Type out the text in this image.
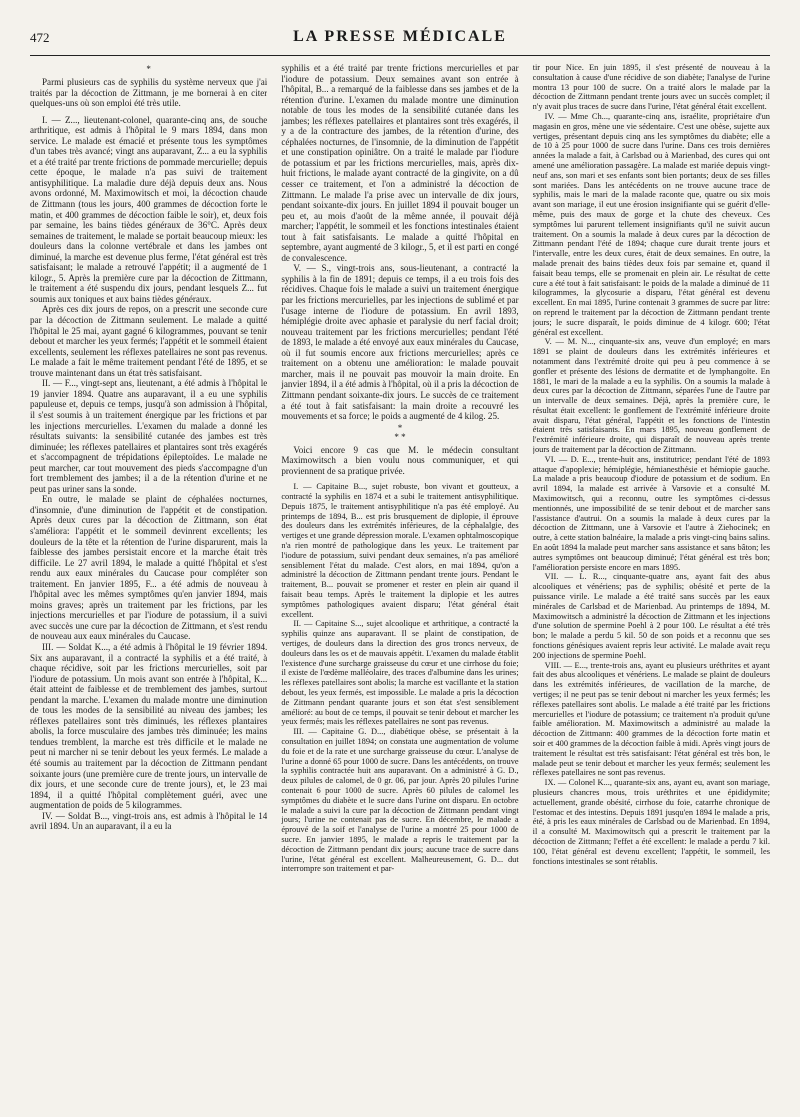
472	LA PRESSE MÉDICALE
*

Parmi plusieurs cas de syphilis du système nerveux que j'ai traités par la décoction de Zittmann, je me bornerai à en citer quelques-uns où son emploi été très utile.

I. — Z..., lieutenant-colonel, quarante-cinq ans, de souche arthritique, est admis à l'hôpital le 9 mars 1894, dans mon service. Le malade est émacié et présente tous les symptômes d'un tabes très avancé; vingt ans auparavant, Z... a eu la syphilis et a été traité par trente frictions de pommade mercurielle; depuis cette époque, le malade n'a pas suivi de traitement antisyphilitique. La maladie dure déjà depuis deux ans. Nous avons ordonné, M. Maximowitsch et moi, la décoction chaude de Zittmann (tous les jours, 400 grammes de décoction forte le matin, et 400 grammes de décoction faible le soir), et, deux fois par semaine, les bains tièdes généraux de 36°C. Après deux semaines de traitement, le malade se portait beaucoup mieux: les douleurs dans la colonne vertébrale et dans les jambes ont diminué, la marche est devenue plus ferme, l'état général est très satisfaisant; le malade a retrouvé l'appétit; il a augmenté de 1 kilogr., 5. Après la première cure par la décoction de Zittmann, le traitement a été suspendu dix jours, pendant lesquels Z... fut soumis aux toniques et aux bains tièdes généraux.

Après ces dix jours de repos, on a prescrit une seconde cure par la décoction de Zittmann seulement. Le malade a quitté l'hôpital le 25 mai, ayant gagné 6 kilogrammes, pouvant se tenir debout et marcher les yeux fermés; l'appétit et le sommeil étaient excellents, seulement les réflexes patellaires ne sont pas revenus. Le malade a fait le même traitement pendant l'été de 1895, et se trouve maintenant dans un état très satisfaisant.

II. — F..., vingt-sept ans, lieutenant, a été admis à l'hôpital le 19 janvier 1894. Quatre ans auparavant, il a eu une syphilis papuleuse et, depuis ce temps, jusqu'à son admission à l'hôpital, il s'est soumis à un traitement énergique par les frictions et par les injections mercurielles. L'examen du malade a donné les résultats suivants: la sensibilité cutanée des jambes est très diminuée; les réflexes patellaires et plantaires sont très exagérés et s'accompagnent de trépidations épileptoïdes. Le malade ne peut marcher, car tout mouvement des pieds s'accompagne d'un fort tremblement des jambes; il a de la rétention d'urine et ne peut pas uriner sans la sonde.

En outre, le malade se plaint de céphalées nocturnes, d'insomnie, d'une diminution de l'appétit et de constipation. Après deux cures par la décoction de Zittmann, son état s'améliora: l'appétit et le sommeil devinrent excellents; les douleurs de la tête et la rétention de l'urine disparurent, mais la faiblesse des jambes persistait encore et la marche était très difficile. Le 27 avril 1894, le malade a quitté l'hôpital et s'est rendu aux eaux minérales du Caucase pour compléter son traitement. En janvier 1895, F... a été admis de nouveau à l'hôpital avec les mêmes symptômes qu'en janvier 1894, mais moins graves; après un traitement par les frictions, par les injections mercurielles et par l'iodure de potassium, il a suivi avec succès une cure par la décoction de Zittmann, et s'est rendu de nouveau aux eaux minérales du Caucase.

III. — Soldat K..., a été admis à l'hôpital le 19 février 1894. Six ans auparavant, il a contracté la syphilis et a été traité, à chaque récidive, soit par les frictions mercurielles, soit par l'iodure de potassium. Un mois avant son entrée à l'hôpital, K... était atteint de faiblesse et de tremblement des jambes, surtout pendant la marche. L'examen du malade montre une diminution de tous les modes de la sensibilité au niveau des jambes; les réflexes patellaires sont très diminués, les réflexes plantaires abolis, la force musculaire des jambes très diminuée; les mains tendues tremblent, la marche est très difficile et le malade ne peut ni marcher ni se tenir debout les yeux fermés. Le malade a été soumis au traitement par la décoction de Zittmann pendant soixante jours (une première cure de trente jours, un intervalle de dix jours, et une seconde cure de trente jours), et, le 23 mai 1894, il a quitté l'hôpital complètement guéri, avec une augmentation de poids de 5 kilogrammes.

IV. — Soldat B..., vingt-trois ans, est admis à l'hôpital le 14 avril 1894. Un an auparavant, il a eu la

syphilis et a été traité par trente frictions mercurielles et par l'iodure de potassium. Deux semaines avant son entrée à l'hôpital, B... a remarqué de la faiblesse dans ses jambes et de la rétention d'urine. L'examen du malade montre une diminution notable de tous les modes de la sensibilité cutanée dans les jambes; les réflexes patellaires et plantaires sont très exagérés, il y a de la contracture des jambes, de la rétention d'urine, des céphalées nocturnes, de l'insomnie, de la diminution de l'appétit et une constipation opiniâtre. On a traité le malade par l'iodure de potassium et par les frictions mercurielles, mais, après dix-huit frictions, le malade ayant contracté de la gingivite, on a dû cesser ce traitement, et l'on a administré la décoction de Zittmann. Le malade l'a prise avec un intervalle de dix jours, pendant soixante-dix jours. En juillet 1894 il pouvait bouger un peu et, au mois d'août de la même année, il pouvait déjà marcher; l'appétit, le sommeil et les fonctions intestinales étaient tout à fait satisfaisants. Le malade a quitté l'hôpital en septembre, ayant augmenté de 3 kilogr., 5, et il est parti en congé de convalescence.

V. — S., vingt-trois ans, sous-lieutenant, a contracté la syphilis à la fin de 1891; depuis ce temps, il a eu trois fois des récidives. Chaque fois le malade a suivi un traitement énergique par les frictions mercurielles, par les injections de sublimé et par l'usage interne de l'iodure de potassium. En avril 1893, hémiplégie droite avec aphasie et paralysie du nerf facial droit; nouveau traitement par les frictions mercurielles; pendant l'été de 1893, le malade a été envoyé aux eaux minérales du Caucase, où il fut soumis encore aux frictions mercurielles; après ce traitement on a obtenu une amélioration: le malade pouvait marcher, mais il ne pouvait pas mouvoir la main droite. En janvier 1894, il a été admis à l'hôpital, où il a pris la décoction de Zittmann pendant soixante-dix jours. Le succès de ce traitement a été tout à fait satisfaisant: la main droite a recouvré les mouvements et sa force; le poids a augmenté de 4 kilog. 25.

*
* *

Voici encore 9 cas que M. le médecin consultant Maximowitsch a bien voulu nous communiquer, et qui proviennent de sa pratique privée.

I. — Capitaine B..., sujet robuste, bon vivant et goutteux, a contracté la syphilis en 1874 et a subi le traitement antisyphilitique. Depuis 1875, le traitement antisyphilitique n'a pas été employé. Au printemps de 1894, B... est pris brusquement de diplopie, il éprouve des douleurs dans les extrémités inférieures, de la céphalalgie, des vertiges et une grande dépression morale. L'examen ophtalmoscopique n'a rien montré de pathologique dans les yeux. Le traitement par l'iodure de potassium, suivi pendant deux semaines, n'a pas amélioré sensiblement l'état du malade. C'est alors, en mai 1894, qu'on a administré la décoction de Zittmann pendant trente jours. Pendant le traitement, B... pouvait se promener et rester en plein air quand il faisait beau temps. Après le traitement la diplopie et les autres symptômes pathologiques avaient disparu; l'état général était excellent.

II. — Capitaine S..., sujet alcoolique et arthritique, a contracté la syphilis quinze ans auparavant. Il se plaint de constipation, de vertiges, de douleurs dans la direction des gros troncs nerveux, de douleurs dans les os et de mauvais appétit. L'examen du malade établit l'existence d'une surcharge graisseuse du cœur et une cirrhose du foie; il existe de l'œdème malléolaire, des traces d'albumine dans les urines; les réflexes patellaires sont abolis; la marche est vacillante et la station debout, les yeux fermés, est impossible. Le malade a pris la décoction de Zittmann pendant quarante jours et son état s'est sensiblement amélioré: au bout de ce temps, il pouvait se tenir debout et marcher les yeux fermés; mais les réflexes patellaires ne sont pas revenus.

III. — Capitaine G. D..., diabétique obèse, se présentait à la consultation en juillet 1894; on constata une augmentation de volume du foie et de la rate et une surcharge graisseuse du cœur. L'analyse de l'urine a donné 65 pour 1000 de sucre. Dans les antécédents, on trouve la syphilis contractée huit ans auparavant. On a administré à G. D., deux pilules de calomel, de 0 gr. 06, par jour. Après 20 pilules l'urine contenait 6 pour 1000 de sucre. Après 60 pilules de calomel les symptômes du diabète et le sucre dans l'urine ont disparu. En octobre le malade a suivi la cure par la décoction de Zittmann pendant vingt jours; l'urine ne contenait pas de sucre. En décembre, le malade a éprouvé de la soif et l'analyse de l'urine a montré 25 pour 1000 de sucre. En janvier 1895, le malade a repris le traitement par la décoction de Zittmann pendant dix jours; aucune trace de sucre dans l'urine, l'état général est excellent. Malheureusement, G. D... dut interrompre son traitement et par-

tir pour Nice. En juin 1895, il s'est présenté de nouveau à la consultation à cause d'une récidive de son diabète; l'analyse de l'urine montra 13 pour 100 de sucre. On a traité alors le malade par la décoction de Zittmann pendant trente jours avec un succès complet; il n'y avait plus traces de sucre dans l'urine, l'état général était excellent.

IV. — Mme Ch..., quarante-cinq ans, israélite, propriétaire d'un magasin en gros, mène une vie sédentaire. C'est une obèse, sujette aux vertiges, présentant depuis cinq ans les symptômes du diabète; elle a de 10 à 25 pour 1000 de sucre dans l'urine. Dans ces trois dernières années la malade a fait, à Carlsbad ou à Marienbad, des cures qui ont amené une amélioration passagère. La malade est mariée depuis vingt-neuf ans, son mari et ses enfants sont bien portants; deux de ses filles sont mariées. Dans les antécédents on ne trouve aucune trace de syphilis, mais le mari de la malade raconte que, quatre ou six mois avant son mariage, il eut une érosion insignifiante qui se guérit d'elle-même, puis des maux de gorge et la chute des cheveux. Ces symptômes lui parurent tellement insignifiants qu'il ne suivit aucun traitement. On a soumis la malade à deux cures par la décoction de Zittmann pendant l'été de 1894; chaque cure durait trente jours et l'intervalle, entre les deux cures, était de deux semaines. En outre, la malade prenait des bains tièdes deux fois par semaine et, quand il faisait beau temps, elle se promenait en plein air. Le résultat de cette cure a été tout à fait satisfaisant: le poids de la malade a diminué de 11 kilogrammes, la glycosurie a disparu, l'état général est devenu excellent. En mai 1895, l'urine contenait 3 grammes de sucre par litre: on reprend le traitement par la décoction de Zittmann pendant trente jours; le sucre disparaît, le poids diminue de 4 kilogr. 600; l'état général est excellent.

V. — M. N..., cinquante-six ans, veuve d'un employé; en mars 1891 se plaint de douleurs dans les extrémités inférieures et notamment dans l'extrémité droite qui peu à peu commence à se gonfler et présente des lésions de dermatite et de lymphangoïte. En 1881, le mari de la malade a eu la syphilis. On a soumis la malade à deux cures par la décoction de Zittmann, séparées l'une de l'autre par un intervalle de deux semaines. Déjà, après la première cure, le résultat était excellent: le gonflement de l'extrémité inférieure droite avait disparu, l'état général, l'appétit et les fonctions de l'intestin étaient très satisfaisants. En mars 1895, nouveau gonflement de l'extrémité inférieure droite, qui disparaît de nouveau après trente jours de traitement par la décoction de Zittmann.

VI. — D. E..., trente-huit ans, institutrice; pendant l'été de 1893 attaque d'apoplexie; hémiplégie, hémianesthésie et hémiopie gauche. La malade a pris beaucoup d'iodure de potassium et de sodium. En avril 1894, la malade est arrivée à Varsovie et a consulté M. Maximowitsch, qui a reconnu, outre les symptômes ci-dessus mentionnés, une impossibilité de se tenir debout et de marcher sans l'assistance d'autrui. On a soumis la malade à deux cures par la décoction de Zittmann, une à Varsovie et l'autre à Ziehocinek; en outre, à cette station balnéaire, la malade a pris vingt-cinq bains salins. En août 1894 la malade peut marcher sans assistance et sans bâton; les autres symptômes ont beaucoup diminué; l'état général est très bon; l'amélioration persiste encore en mars 1895.

VII. — L. R..., cinquante-quatre ans, ayant fait des abus alcooliques et vénériens; pas de syphilis; obésité et perte de la puissance virile. Le malade a été traité sans succès par les eaux minérales de Carlsbad et de Marienbad. Au printemps de 1894, M. Maximowitsch a administré la décoction de Zittmann et les injections d'une solution de spermine Poehl à 2 pour 100. Le résultat a été très bon; le malade a perdu 5 kil. 50 de son poids et a reconnu que ses fonctions génésiques avaient repris leur activité. Le malade avait reçu 200 injections de spermine Poehl.

VIII. — E..., trente-trois ans, ayant eu plusieurs uréthrites et ayant fait des abus alcooliques et vénériens. Le malade se plaint de douleurs dans les extrémités inférieures, de vacillation de la marche, de vertiges; il ne peut pas se tenir debout ni marcher les yeux fermés; les réflexes patellaires sont abolis. Le malade a été traité par les frictions mercurielles et l'iodure de potassium; ce traitement n'a produit qu'une faible amélioration. M. Maximowitsch a administré au malade la décoction de Zittmann: 400 grammes de la décoction forte matin et soir et 400 grammes de la décoction faible à midi. Après vingt jours de traitement le résultat est très satisfaisant: l'état général est très bon, le malade peut se tenir debout et marcher les yeux fermés; seulement les réflexes patellaires ne sont pas revenus.

IX. — Colonel K..., quarante-six ans, ayant eu, avant son mariage, plusieurs chancres mous, trois uréthrites et une épididymite; actuellement, grande obésité, cirrhose du foie, catarrhe chronique de l'estomac et des intestins. Depuis 1891 jusqu'en 1894 le malade a pris, été, à pris les eaux minérales de Carlsbad ou de Marienbad. En 1894, il a consulté M. Maximowitsch qui a prescrit le traitement par la décoction de Zittmann; l'effet a été excellent: le malade a perdu 7 kil. 100, l'état général est devenu excellent; l'appétit, le sommeil, les fonctions intestinales se sont rétablis.
